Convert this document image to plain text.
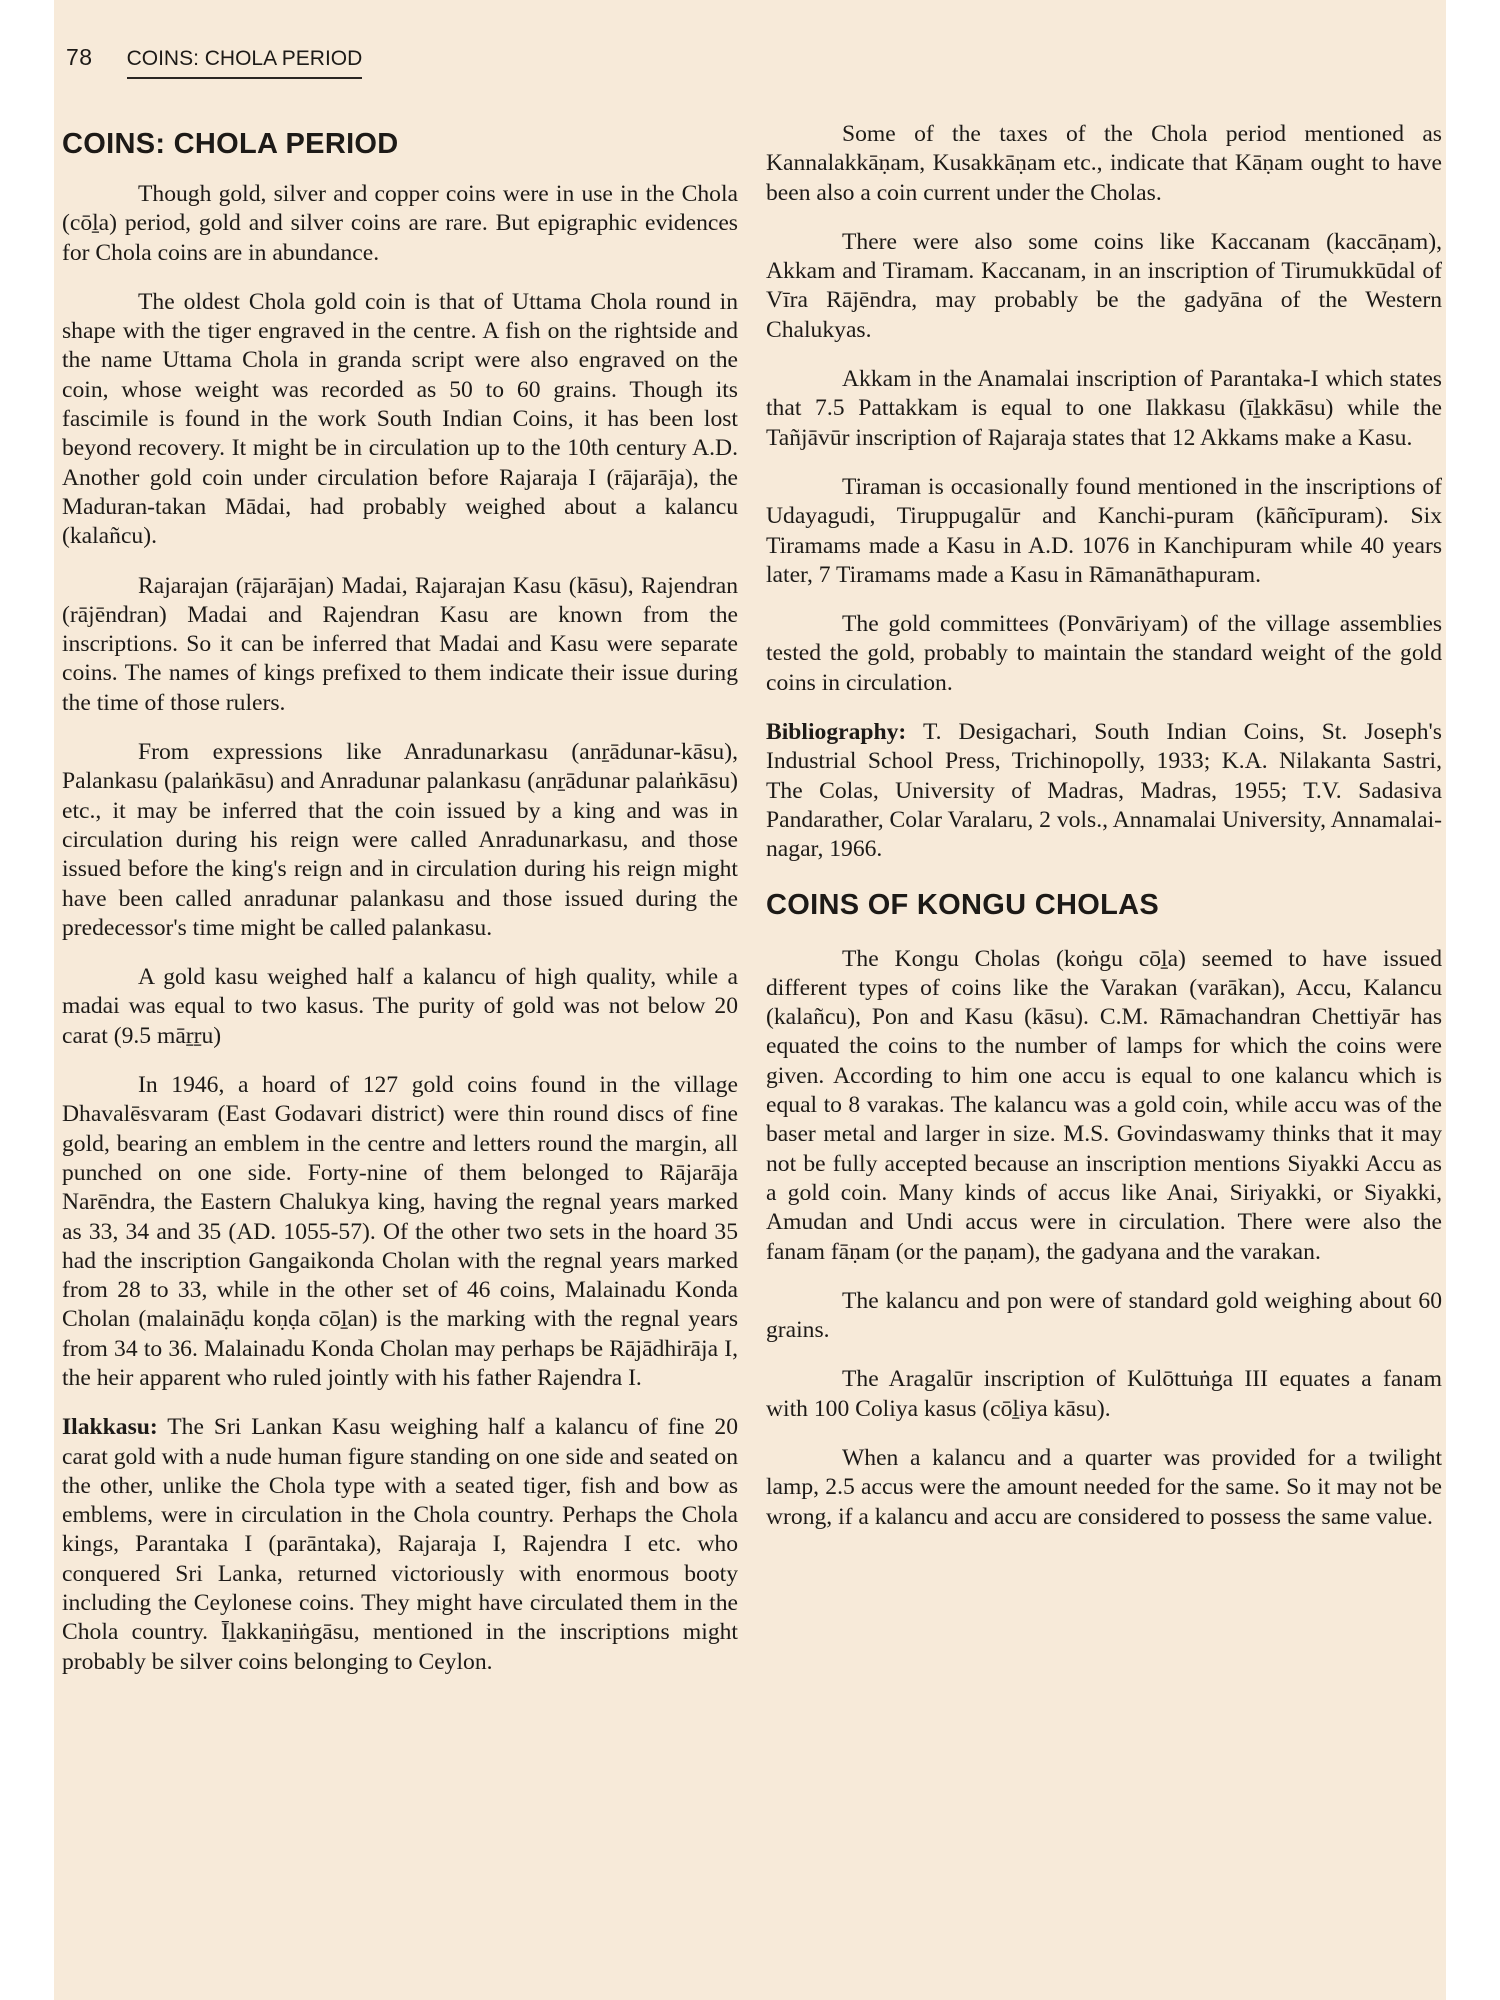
78 COINS: CHOLA PERIOD
COINS: CHOLA PERIOD

Though gold, silver and copper coins were in use in the Chola (cōḻa) period, gold and silver coins are rare. But epigraphic evidences for Chola coins are in abundance.

The oldest Chola gold coin is that of Uttama Chola round in shape with the tiger engraved in the centre. A fish on the rightside and the name Uttama Chola in granda script were also engraved on the coin, whose weight was recorded as 50 to 60 grains. Though its fascimile is found in the work South Indian Coins, it has been lost beyond recovery. It might be in circulation up to the 10th century A.D. Another gold coin under circulation before Rajaraja I (rājarāja), the Maduran-takan Mādai, had probably weighed about a kalancu (kalañcu).

Rajarajan (rājarājan) Madai, Rajarajan Kasu (kāsu), Rajendran (rājēndran) Madai and Rajendran Kasu are known from the inscriptions. So it can be inferred that Madai and Kasu were separate coins. The names of kings prefixed to them indicate their issue during the time of those rulers.

From expressions like Anradunarkasu (anṟādunar-kāsu), Palankasu (palaṅkāsu) and Anradunar palankasu (anṟādunar palaṅkāsu) etc., it may be inferred that the coin issued by a king and was in circulation during his reign were called Anradunarkasu, and those issued before the king's reign and in circulation during his reign might have been called anradunar palankasu and those issued during the predecessor's time might be called palankasu.

A gold kasu weighed half a kalancu of high quality, while a madai was equal to two kasus. The purity of gold was not below 20 carat (9.5 māṟṟu)

In 1946, a hoard of 127 gold coins found in the village Dhavalēsvaram (East Godavari district) were thin round discs of fine gold, bearing an emblem in the centre and letters round the margin, all punched on one side. Forty-nine of them belonged to Rājarāja Narēndra, the Eastern Chalukya king, having the regnal years marked as 33, 34 and 35 (AD. 1055-57). Of the other two sets in the hoard 35 had the inscription Gangaikonda Cholan with the regnal years marked from 28 to 33, while in the other set of 46 coins, Malainadu Konda Cholan (malaināḍu koṇḍa cōḻan) is the marking with the regnal years from 34 to 36. Malainadu Konda Cholan may perhaps be Rājādhirāja I, the heir apparent who ruled jointly with his father Rajendra I.

Ilakkasu: The Sri Lankan Kasu weighing half a kalancu of fine 20 carat gold with a nude human figure standing on one side and seated on the other, unlike the Chola type with a seated tiger, fish and bow as emblems, were in circulation in the Chola country. Perhaps the Chola kings, Parantaka I (parāntaka), Rajaraja I, Rajendra I etc. who conquered Sri Lanka, returned victoriously with enormous booty including the Ceylonese coins. They might have circulated them in the Chola country. Īḻakkaṉiṅgāsu, mentioned in the inscriptions might probably be silver coins belonging to Ceylon.

Some of the taxes of the Chola period mentioned as Kannalakkāṇam, Kusakkāṇam etc., indicate that Kāṇam ought to have been also a coin current under the Cholas.

There were also some coins like Kaccanam (kaccāṇam), Akkam and Tiramam. Kaccanam, in an inscription of Tirumukkūdal of Vīra Rājēndra, may probably be the gadyāna of the Western Chalukyas.

Akkam in the Anamalai inscription of Parantaka-I which states that 7.5 Pattakkam is equal to one Ilakkasu (īḻakkāsu) while the Tañjāvūr inscription of Rajaraja states that 12 Akkams make a Kasu.

Tiraman is occasionally found mentioned in the inscriptions of Udayagudi, Tiruppugalūr and Kanchi-puram (kāñcīpuram). Six Tiramams made a Kasu in A.D. 1076 in Kanchipuram while 40 years later, 7 Tiramams made a Kasu in Rāmanāthapuram.

The gold committees (Ponvāriyam) of the village assemblies tested the gold, probably to maintain the standard weight of the gold coins in circulation.

Bibliography: T. Desigachari, South Indian Coins, St. Joseph's Industrial School Press, Trichinopolly, 1933; K.A. Nilakanta Sastri, The Colas, University of Madras, Madras, 1955; T.V. Sadasiva Pandarather, Colar Varalaru, 2 vols., Annamalai University, Annamalai-nagar, 1966.

COINS OF KONGU CHOLAS

The Kongu Cholas (koṅgu cōḻa) seemed to have issued different types of coins like the Varakan (varākan), Accu, Kalancu (kalañcu), Pon and Kasu (kāsu). C.M. Rāmachandran Chettiyār has equated the coins to the number of lamps for which the coins were given. According to him one accu is equal to one kalancu which is equal to 8 varakas. The kalancu was a gold coin, while accu was of the baser metal and larger in size. M.S. Govindaswamy thinks that it may not be fully accepted because an inscription mentions Siyakki Accu as a gold coin. Many kinds of accus like Anai, Siriyakki, or Siyakki, Amudan and Undi accus were in circulation. There were also the fanam fāṇam (or the paṇam), the gadyana and the varakan.

The kalancu and pon were of standard gold weighing about 60 grains.

The Aragalūr inscription of Kulōttuṅga III equates a fanam with 100 Coliya kasus (cōḻiya kāsu).

When a kalancu and a quarter was provided for a twilight lamp, 2.5 accus were the amount needed for the same. So it may not be wrong, if a kalancu and accu are considered to possess the same value.
